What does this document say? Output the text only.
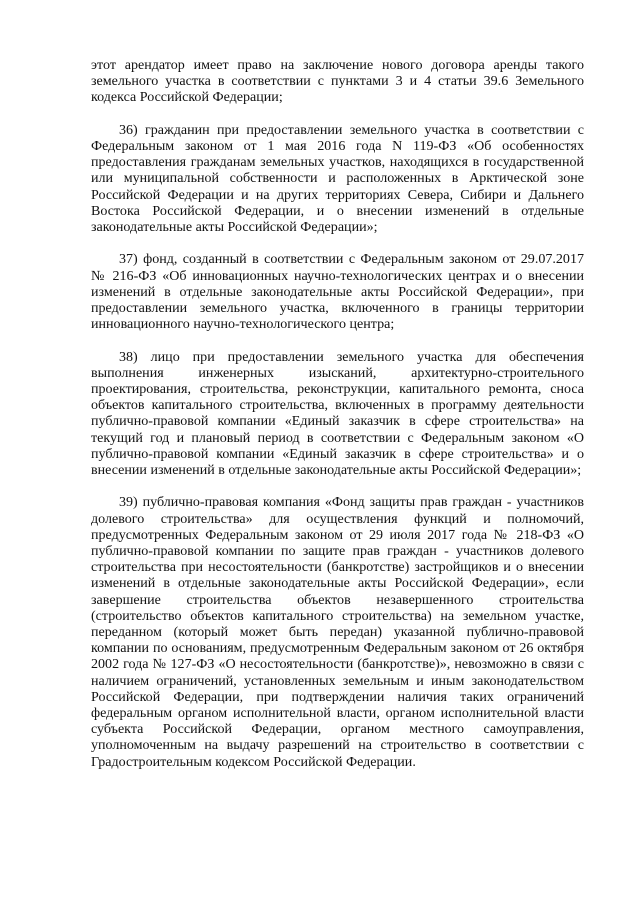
этот арендатор имеет право на заключение нового договора аренды такого земельного участка в соответствии с пунктами 3 и 4 статьи 39.6 Земельного кодекса Российской Федерации;

36) гражданин при предоставлении земельного участка в соответствии с Федеральным законом от 1 мая 2016 года N 119-ФЗ «Об особенностях предоставления гражданам земельных участков, находящихся в государственной или муниципальной собственности и расположенных в Арктической зоне Российской Федерации и на других территориях Севера, Сибири и Дальнего Востока Российской Федерации, и о внесении изменений в отдельные законодательные акты Российской Федерации»;

37) фонд, созданный в соответствии с Федеральным законом от 29.07.2017 № 216-ФЗ «Об инновационных научно-технологических центрах и о внесении изменений в отдельные законодательные акты Российской Федерации», при предоставлении земельного участка, включенного в границы территории инновационного научно-технологического центра;

38) лицо при предоставлении земельного участка для обеспечения выполнения инженерных изысканий, архитектурно-строительного проектирования, строительства, реконструкции, капитального ремонта, сноса объектов капитального строительства, включенных в программу деятельности публично-правовой компании «Единый заказчик в сфере строительства» на текущий год и плановый период в соответствии с Федеральным законом «О публично-правовой компании «Единый заказчик в сфере строительства» и о внесении изменений в отдельные законодательные акты Российской Федерации»;

39) публично-правовая компания «Фонд защиты прав граждан - участников долевого строительства» для осуществления функций и полномочий, предусмотренных Федеральным законом от 29 июля 2017 года № 218-ФЗ «О публично-правовой компании по защите прав граждан - участников долевого строительства при несостоятельности (банкротстве) застройщиков и о внесении изменений в отдельные законодательные акты Российской Федерации», если завершение строительства объектов незавершенного строительства (строительство объектов капитального строительства) на земельном участке, переданном (который может быть передан) указанной публично-правовой компании по основаниям, предусмотренным Федеральным законом от 26 октября 2002 года № 127-ФЗ «О несостоятельности (банкротстве)», невозможно в связи с наличием ограничений, установленных земельным и иным законодательством Российской Федерации, при подтверждении наличия таких ограничений федеральным органом исполнительной власти, органом исполнительной власти субъекта Российской Федерации, органом местного самоуправления, уполномоченным на выдачу разрешений на строительство в соответствии с Градостроительным кодексом Российской Федерации.
